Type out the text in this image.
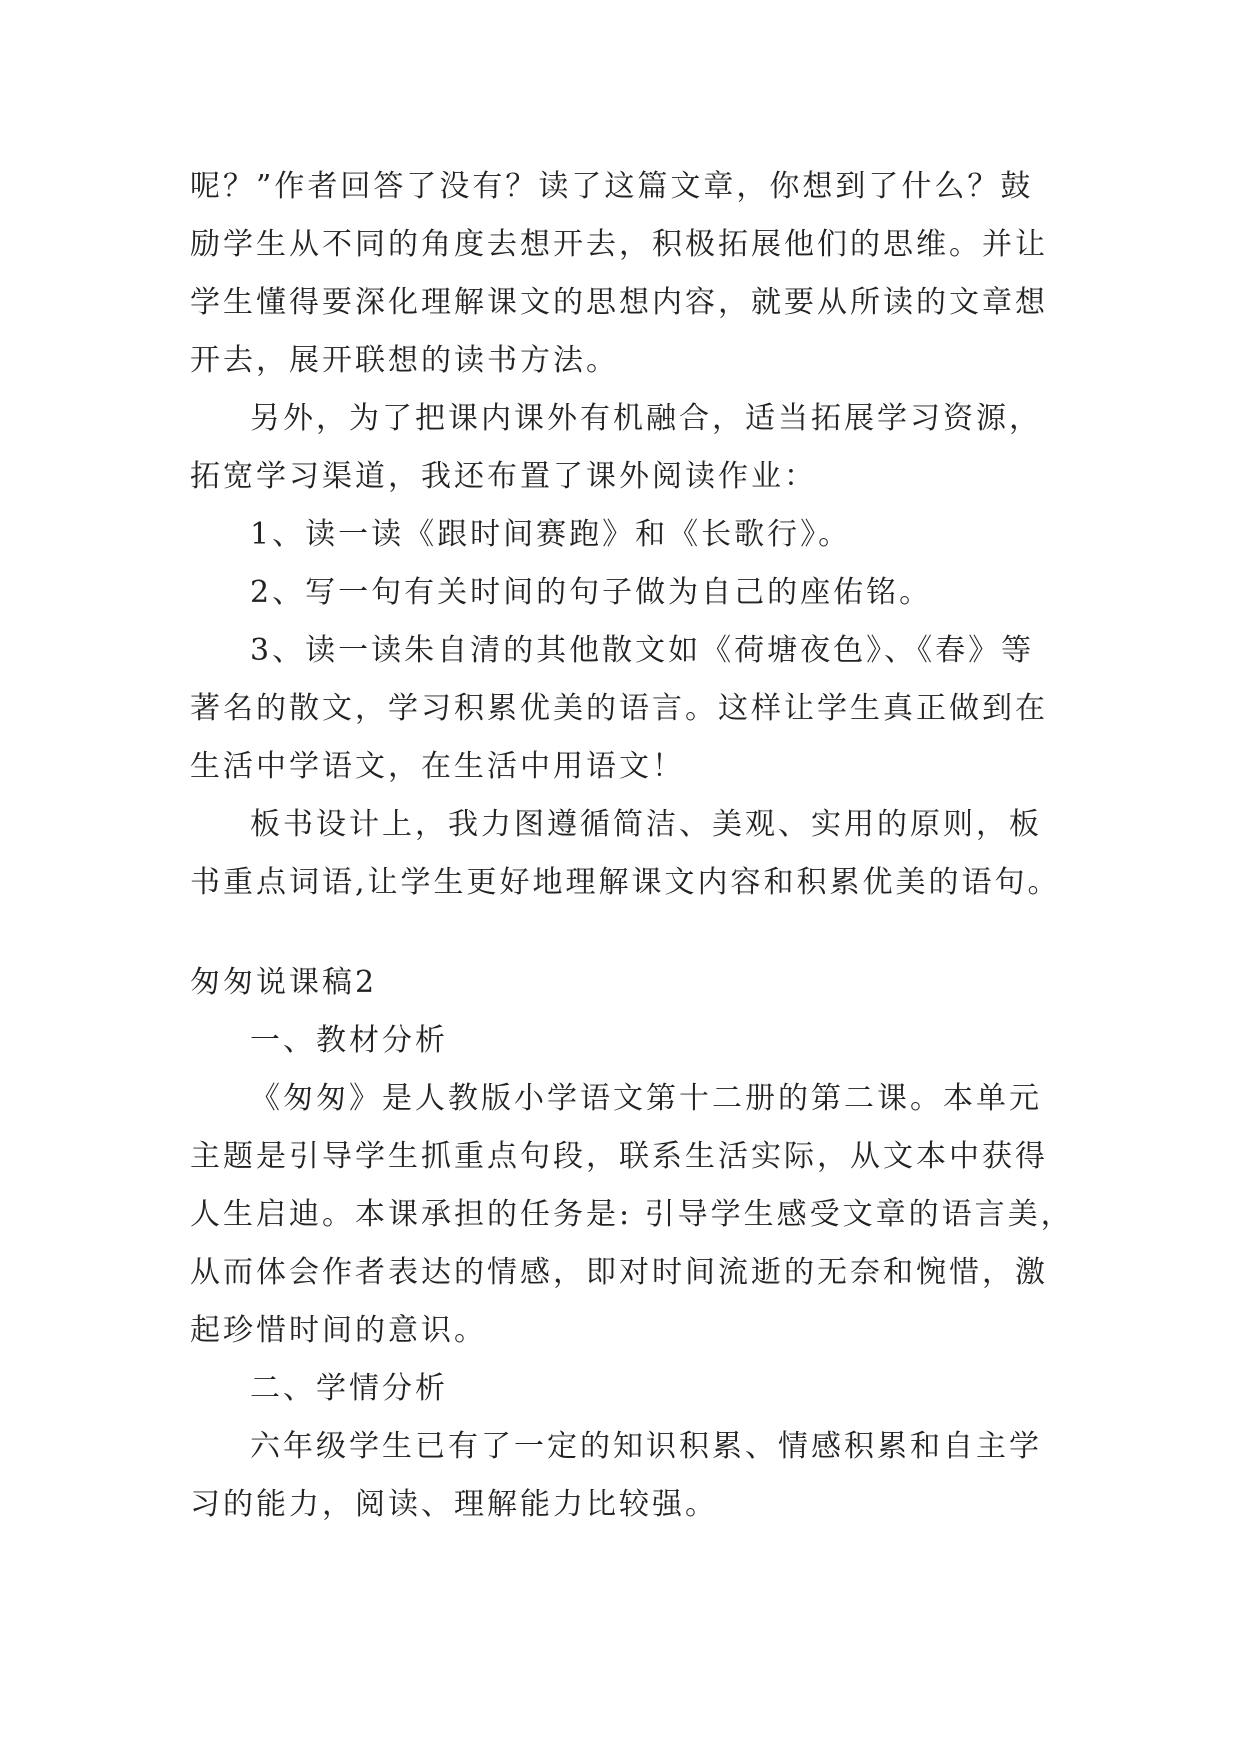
呢？”作者回答了没有？读了这篇文章，你想到了什么？鼓
励学生从不同的角度去想开去，积极拓展他们的思维。并让
学生懂得要深化理解课文的思想内容，就要从所读的文章想
开去，展开联想的读书方法。
另外，为了把课内课外有机融合，适当拓展学习资源，
拓宽学习渠道，我还布置了课外阅读作业：
1、读一读《跟时间赛跑》和《长歌行》。
2、写一句有关时间的句子做为自己的座佑铭。
3、读一读朱自清的其他散文如《荷塘夜色》、《春》等
著名的散文，学习积累优美的语言。这样让学生真正做到在
生活中学语文，在生活中用语文！
板书设计上，我力图遵循简洁、美观、实用的原则，板
书重点词语,让学生更好地理解课文内容和积累优美的语句。
匆匆说课稿2
一、教材分析
《匆匆》是人教版小学语文第十二册的第二课。本单元
主题是引导学生抓重点句段，联系生活实际，从文本中获得
人生启迪。本课承担的任务是: 引导学生感受文章的语言美，
从而体会作者表达的情感，即对时间流逝的无奈和惋惜，激
起珍惜时间的意识。
二、学情分析
六年级学生已有了一定的知识积累、情感积累和自主学
习的能力，阅读、理解能力比较强。
